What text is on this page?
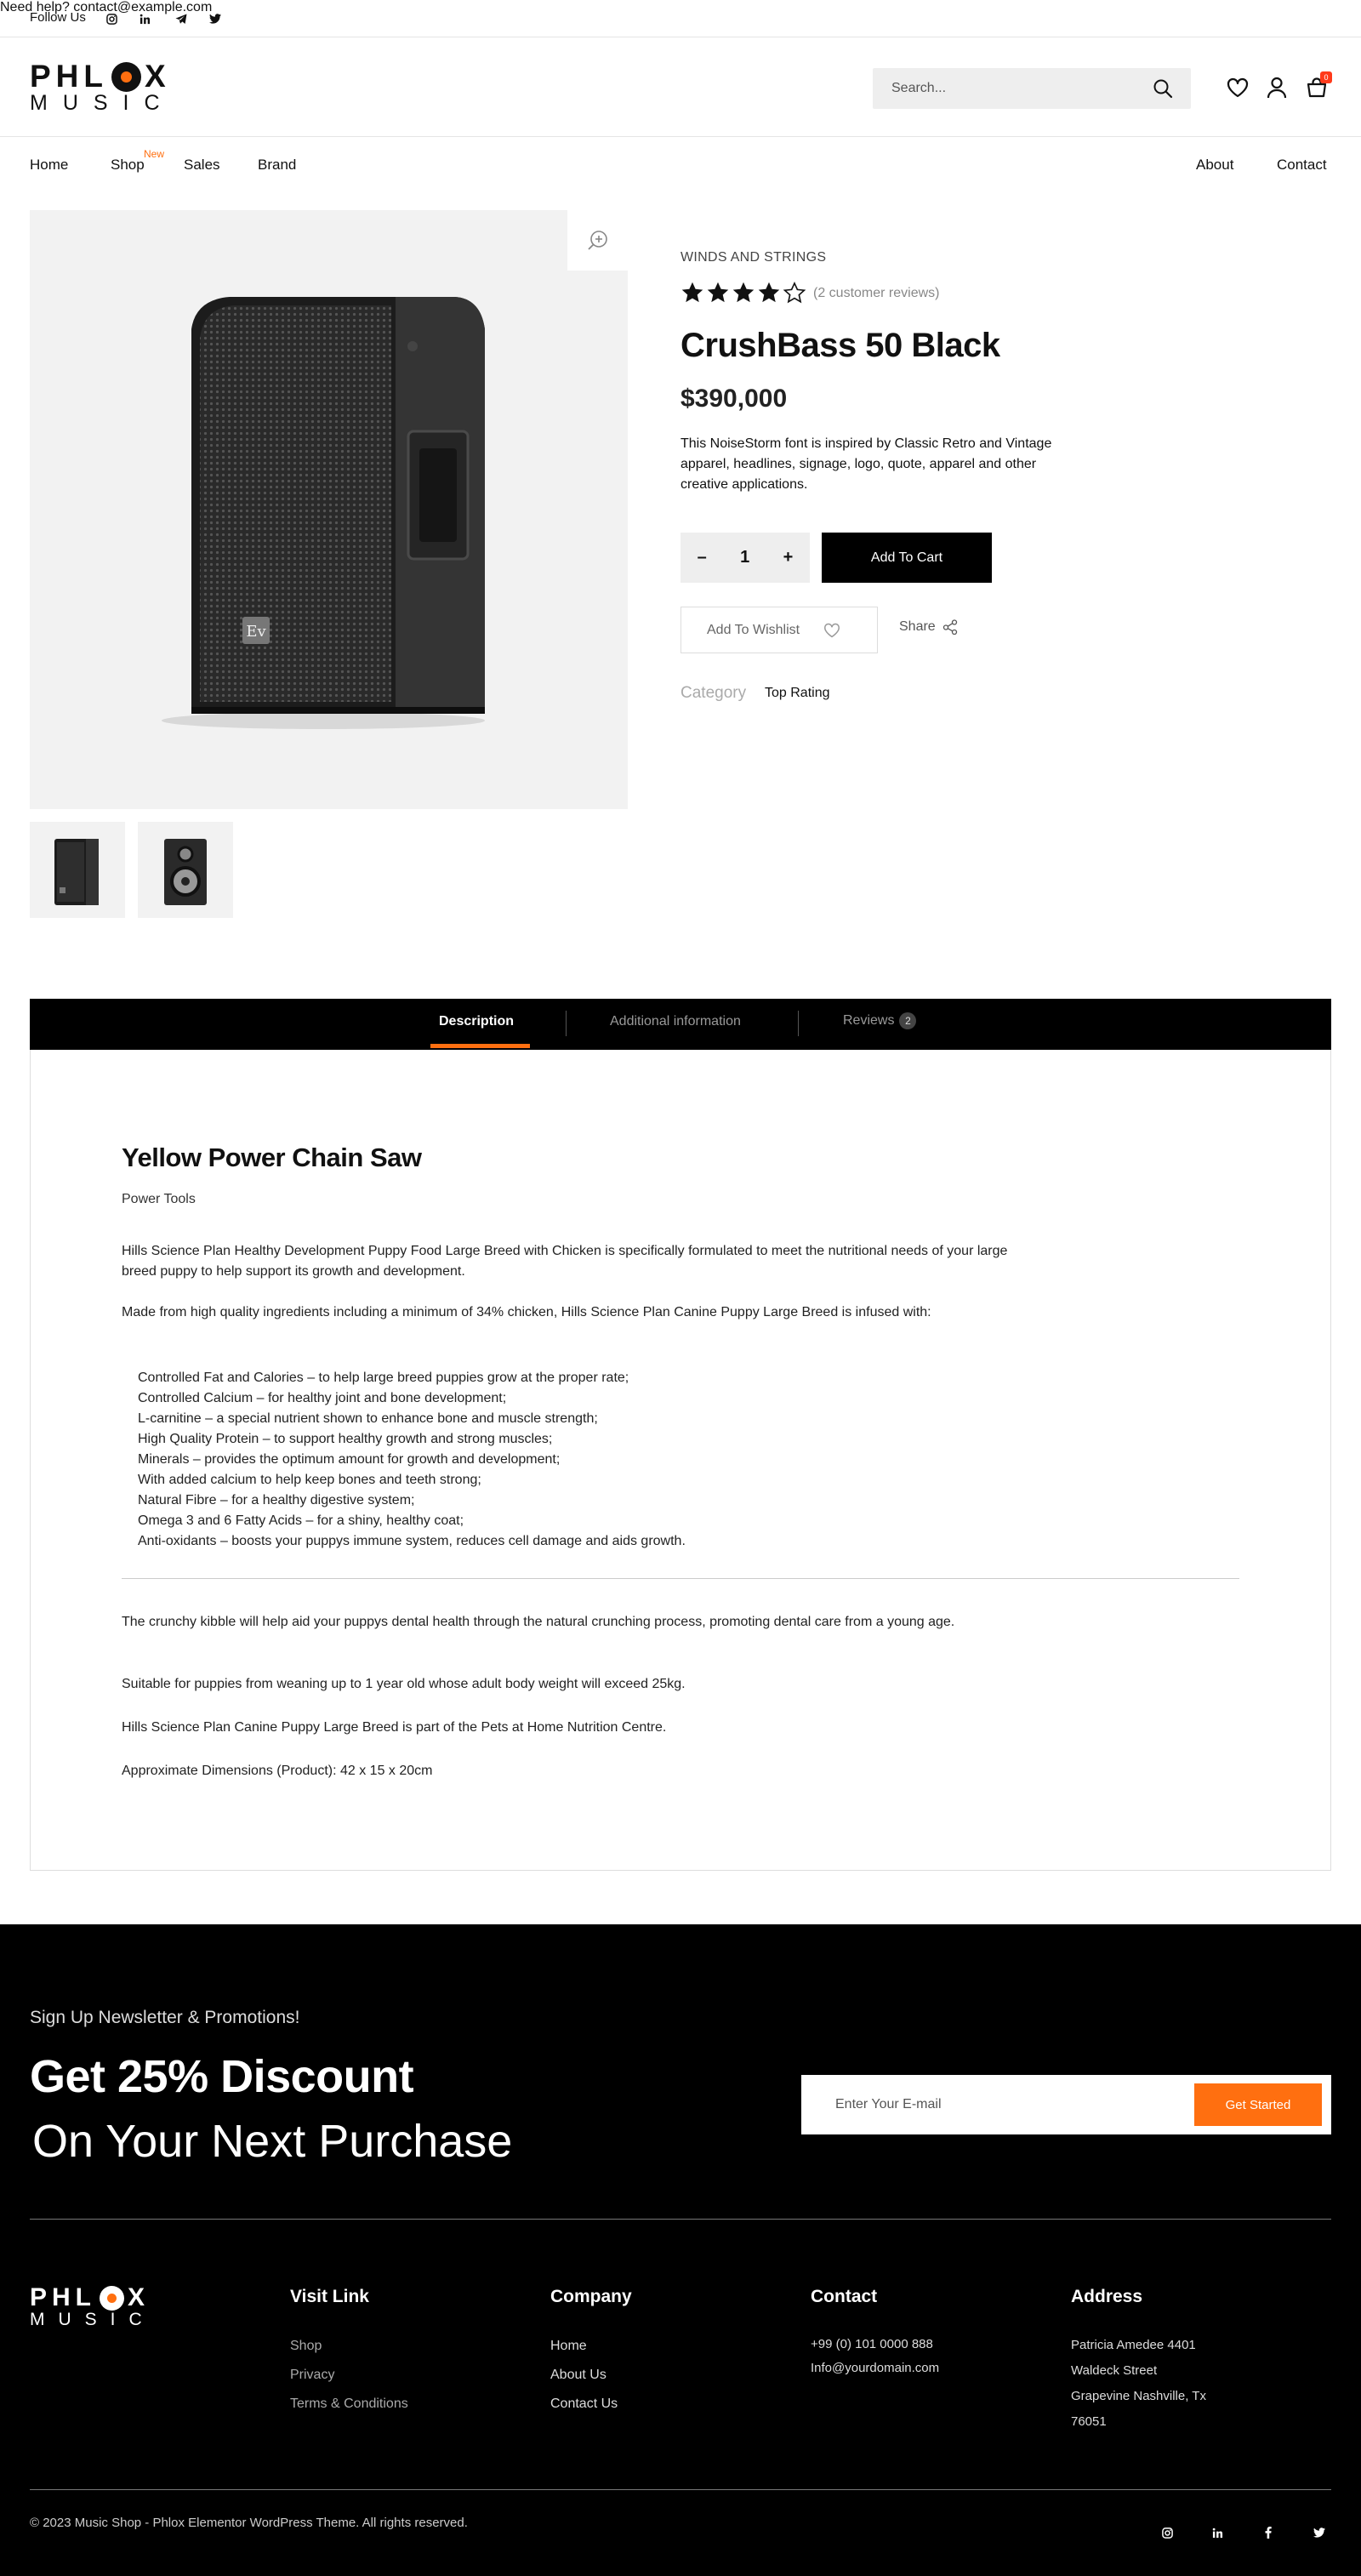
Follow Us
Need help? contact@example.com
PHL X
MUSIC
Search...
0
Home	Shop
New
Sales	Brand	About	Contact
Ev
WINDS AND STRINGS
(2 customer reviews)
CrushBass 50 Black
$390,000

This NoiseStorm font is inspired by Classic Retro and Vintage apparel, headlines, signage, logo, quote, apparel and other creative applications.

– 1 +	Add To Cart
Add To Wishlist	Share
Category Top Rating
Description	Additional information	Reviews 2
Yellow Power Chain Saw
Power Tools

Hills Science Plan Healthy Development Puppy Food Large Breed with Chicken is specifically formulated to meet the nutritional needs of your large breed puppy to help support its growth and development.

Made from high quality ingredients including a minimum of 34% chicken, Hills Science Plan Canine Puppy Large Breed is infused with:

Controlled Fat and Calories – to help large breed puppies grow at the proper rate;
Controlled Calcium – for healthy joint and bone development;
L-carnitine – a special nutrient shown to enhance bone and muscle strength;
High Quality Protein – to support healthy growth and strong muscles;
Minerals – provides the optimum amount for growth and development;
With added calcium to help keep bones and teeth strong;
Natural Fibre – for a healthy digestive system;
Omega 3 and 6 Fatty Acids – for a shiny, healthy coat;
Anti-oxidants – boosts your puppys immune system, reduces cell damage and aids growth.

The crunchy kibble will help aid your puppys dental health through the natural crunching process, promoting dental care from a young age.

Suitable for puppies from weaning up to 1 year old whose adult body weight will exceed 25kg.

Hills Science Plan Canine Puppy Large Breed is part of the Pets at Home Nutrition Centre.

Approximate Dimensions (Product): 42 x 15 x 20cm

Sign Up Newsletter & Promotions!
Get 25% Discount
On Your Next Purchase
Enter Your E-mail
Get Started
PHL X
MUSIC
Visit Link
Shop
Privacy
Terms & Conditions
Company
Home
About Us
Contact Us
Contact
+99 (0) 101 0000 888
Info@yourdomain.com
Address
Patricia Amedee 4401
Waldeck Street
Grapevine Nashville, Tx
76051
© 2023 Music Shop - Phlox Elementor WordPress Theme. All rights reserved.
